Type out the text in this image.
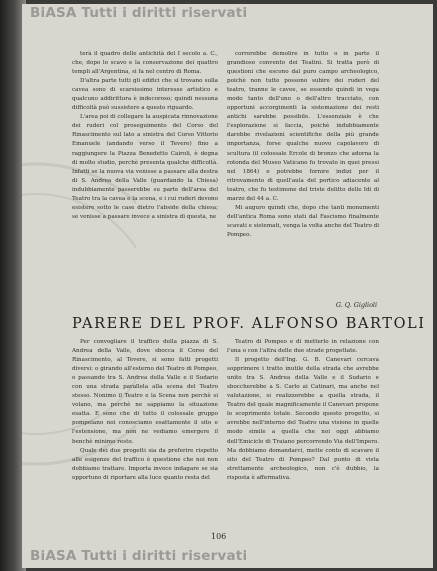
BiASA Tutti i diritti riservati

terà il quadro delle antichità del I secolo a. C., che, dopo lo scavo e la conservazione dei quattro templi all'Argentina, si fa nel centro di Roma.

D'altra parte tutti gli edifici che si trovano sulla cavea sono di scarsissimo interesse artistico e qualcuno addirittura è indecoroso; quindi nessuna difficoltà può sussistere a questo riguardo.

L'area poi di collegare la auspicata rinnovazione dei ruderi col proseguimento del Corso del Rinascimento sul lato a sinistra del Corso Vittorio Emanuele (andando verso il Tevere) fino a raggiungere la Piazza Benedetto Cairoli, è degna di molto studio, perchè presenta qualche difficoltà. Infatti se la nuova via venisse a passare alla destra di S. Andrea della Valle (guardando la Chiesa) indubbiamente passerebbe su parte dell'area del Teatro tra la cavea e la scena, e i cui ruderi devono esistere sotto le case dietro l'abside della chiesa; se venisse a passare invece a sinistra di questa, ne

correrebbe demolire in tutto o in parte il grandioso convento dei Teatini. Si tratta però di questioni che escono dal puro campo archeologico, poichè non tutte possono subire dei ruderi del teatro, tranne le cavee, se essendo quindi in vega modo tanto dell'uno o dell'altro tracciato, con opportuni accorgimenti la sistemazione dei resti antichi sarebbe possibile. L'essenziale è che l'esplorazione si faccia, poichè indubbiamente darebbe rivelazioni scientifiche della più grande importanza, forse qualche nuovo capolavoro di scultura (il colossale Ercole di bronzo che adorna la rotonda del Museo Vaticano fu trovato in quei pressi nel 1864) e potrebbe fornire indizi per il ritrovamento di quell'aula del portico adiacente al teatro, che fu testimone del triste delitto delle Idi di marzo del 44 a. C.

Mi auguro quindi che, dopo che tanti monumenti dell'antica Roma sono stati dal Fascismo finalmente scavati e sistemati, venga la volta anche del Teatro di Pompeo.

G. Q. Giglioli
PARERE DEL PROF. ALFONSO BARTOLI

Per convogliare il traffico della piazza di S. Andrea della Valle, dove sbocca il Corso del Rinascimento, al Tevere, si sono fatti progetti diversi: o girando all'esterno del Teatro di Pompeo, o passando tra S. Andrea della Valle e il Sudario con una strada parallela alla scena del Teatro stesso. Nonimo il Teatro e la Scena non perchè si volano, ma perchè ne sappiamo la situazione esatta. E sono che di tutto il colossale gruppo pompeiano noi conosciamo esattamente il sito e l'estensione, ma non ne vediamo emergere il benchè minimo resto.

Quale dei due progetti sia da preferire rispetto alle esigenze del traffico è questione che noi non dobbiamo trattare. Importa invece indagare se sia opportuno di riportare alla luce quanto resta del

Teatro di Pompeo e di metterlo in relazione con l'una o con l'altra delle due strade progettate.

Il progetto dell'Ing. G. B. Canevari cercava sopprimere i tratto inutile della strada che avrebbe unito tra S. Andrea della Valle e il Sudario e sboccherebbe a S. Carlo ai Catinari, ma anche nel valutazione, si realizzerebbe a quella strada, il Teatro del quale magnificamente il Canevari propone lo scoprimento totale. Secondo questo progetto, si avrebbe nell'interno del Teatro una visione in quelle modo simile a quella che noi oggi abbiamo dell'Emiciclo di Traiano percorrendo Via dell'Impero. Ma dobbiamo domandarci, mette conto di scavare il sito del Teatro di Pompeo? Dal punto di vista strettamente archeologico, non c'è dubbio, la risposta è affermativa.

106
BiASA Tutti i diritti riservati
